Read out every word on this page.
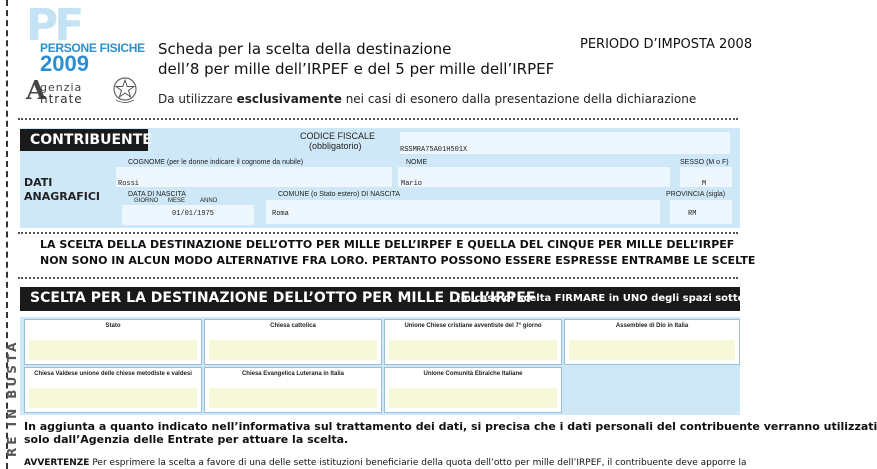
RE IN BUSTA
PF
PERSONE FISICHE
2009
A
genzia
ntrate
Scheda per la scelta della destinazione
dell’8 per mille dell’IRPEF e del 5 per mille dell’IRPEF
Da utilizzare esclusivamente nei casi di esonero dalla presentazione della dichiarazione
PERIODO D’IMPOSTA 2008
CONTRIBUENTE	CODICE FISCALE
(obbligatorio)	RSSMRA75A01H501X
DATI
ANAGRAFICI
COGNOME (per le donne indicare il cognome da nubile)
Rossi
NOME
Mario
SESSO (M o F)
M
DATA DI NASCITA
GIORNO MESE ANNO
01/01/1975
COMUNE (o Stato estero) DI NASCITA
Roma
PROVINCIA (sigla)
RM
LA SCELTA DELLA DESTINAZIONE DELL’OTTO PER MILLE DELL’IRPEF E QUELLA DEL CINQUE PER MILLE DELL’IRPEF
NON SONO IN ALCUN MODO ALTERNATIVE FRA LORO. PERTANTO POSSONO ESSERE ESPRESSE ENTRAMBE LE SCELTE
SCELTA PER LA DESTINAZIONE DELL’OTTO PER MILLE DELL’IRPEF
(in caso di scelta FIRMARE in UNO degli spazi sottostanti)
Stato	Chiesa cattolica	Unione Chiese cristiane avventiste del 7° giorno	Assemblee di Dio in Italia
Chiesa Valdese unione delle chiese metodiste e valdesi	Chiesa Evangelica Luterana in Italia	Unione Comunità Ebraiche Italiane
In aggiunta a quanto indicato nell’informativa sul trattamento dei dati, si precisa che i dati personali del contribuente verranno utilizzati
solo dall’Agenzia delle Entrate per attuare la scelta.
AVVERTENZE Per esprimere la scelta a favore di una delle sette istituzioni beneficiarie della quota dell’otto per mille dell’IRPEF, il contribuente deve apporre la
